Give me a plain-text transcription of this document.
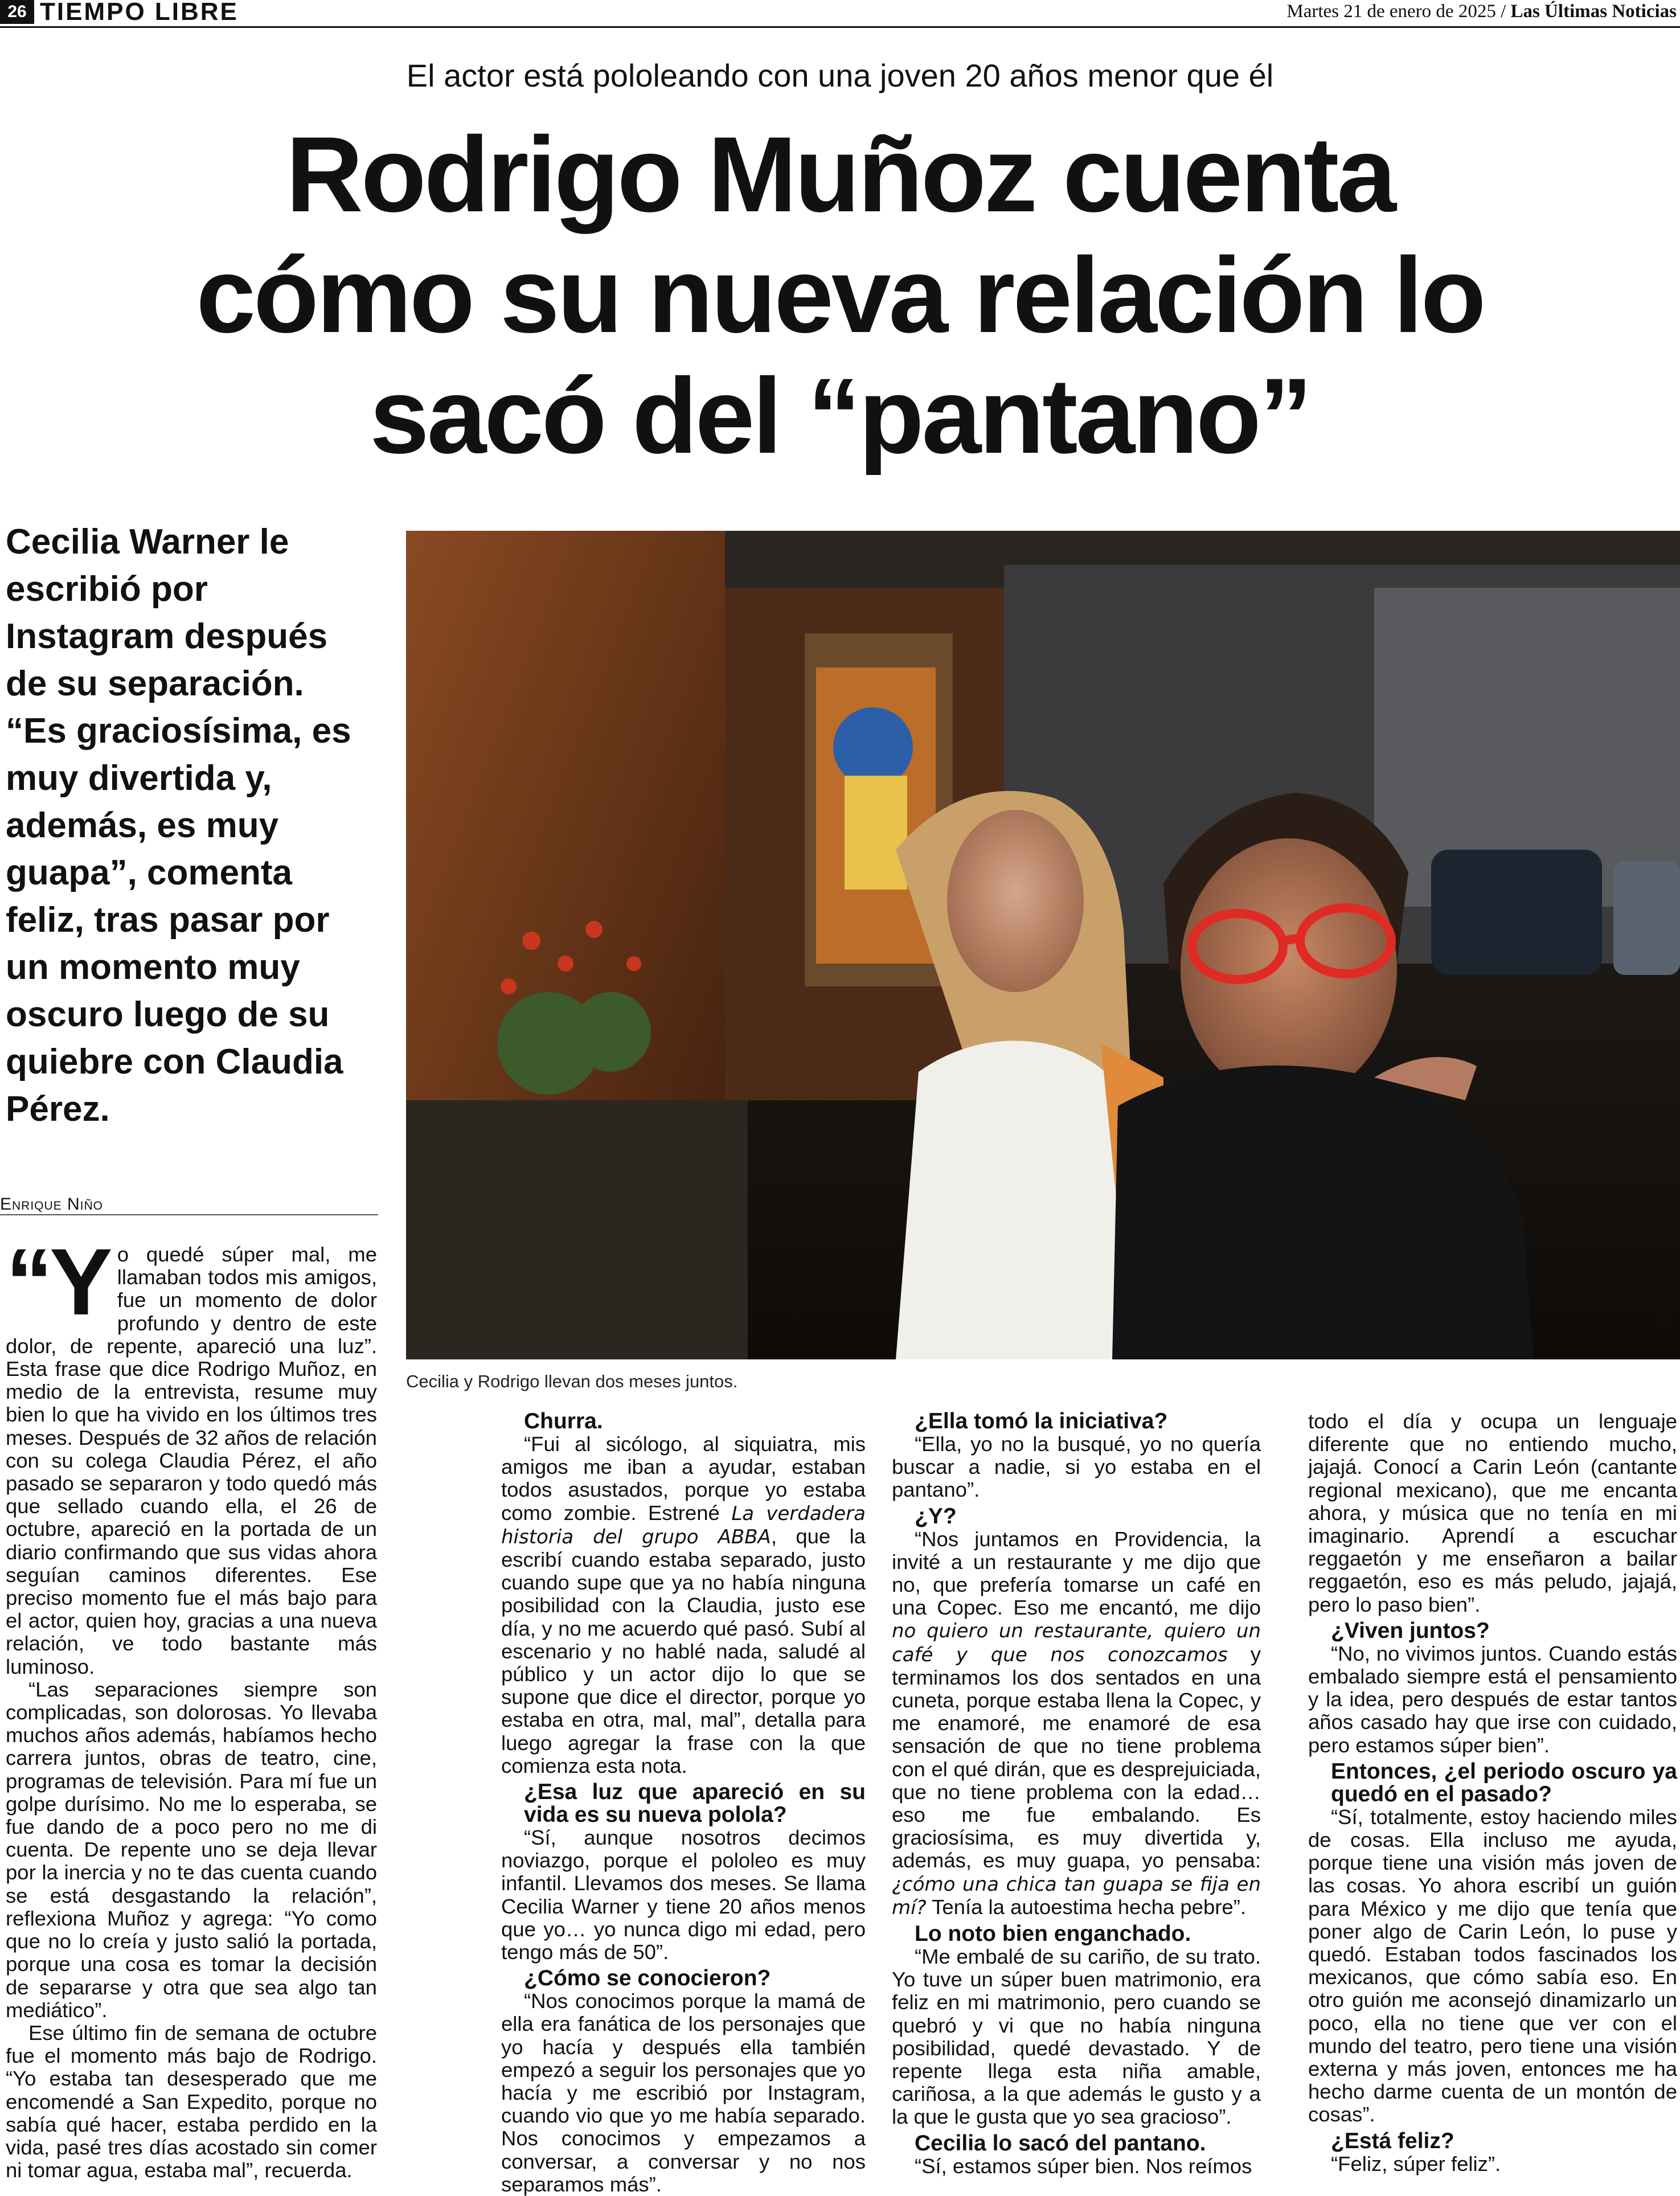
26 TIEMPO LIBRE	Martes 21 de enero de 2025 / Las Últimas Noticias
El actor está pololeando con una joven 20 años menor que él
Rodrigo Muñoz cuenta
cómo su nueva relación lo
sacó del “pantano”
Cecilia Warner le escribió por Instagram después de su separación. “Es graciosísima, es muy divertida y, además, es muy guapa”, comenta feliz, tras pasar por un momento muy oscuro luego de su quiebre con Claudia Pérez.
Enrique Niño
LUN
Cecilia y Rodrigo llevan dos meses juntos.

“Yo quedé súper mal, me llamaban todos mis amigos, fue un momento de dolor profundo y dentro de este dolor, de repente, apareció una luz”. Esta frase que dice Rodrigo Muñoz, en medio de la entrevista, resume muy bien lo que ha vivido en los últimos tres meses. Después de 32 años de relación con su colega Claudia Pérez, el año pasado se separaron y todo quedó más que sellado cuando ella, el 26 de octubre, apareció en la portada de un diario confirmando que sus vidas ahora seguían caminos diferentes. Ese preciso momento fue el más bajo para el actor, quien hoy, gracias a una nueva relación, ve todo bastante más luminoso.

“Las separaciones siempre son complicadas, son dolorosas. Yo llevaba muchos años además, habíamos hecho carrera juntos, obras de teatro, cine, programas de televisión. Para mí fue un golpe durísimo. No me lo esperaba, se fue dando de a poco pero no me di cuenta. De repente uno se deja llevar por la inercia y no te das cuenta cuando se está desgastando la relación”, reflexiona Muñoz y agrega: “Yo como que no lo creía y justo salió la portada, porque una cosa es tomar la decisión de separarse y otra que sea algo tan mediático”.

Ese último fin de semana de octubre fue el momento más bajo de Rodrigo. “Yo estaba tan desesperado que me encomendé a San Expedito, porque no sabía qué hacer, estaba perdido en la vida, pasé tres días acostado sin comer ni tomar agua, estaba mal”, recuerda.

Churra.

“Fui al sicólogo, al siquiatra, mis amigos me iban a ayudar, estaban todos asustados, porque yo estaba como zombie. Estrené La verdadera historia del grupo ABBA, que la escribí cuando estaba separado, justo cuando supe que ya no había ninguna posibilidad con la Claudia, justo ese día, y no me acuerdo qué pasó. Subí al escenario y no hablé nada, saludé al público y un actor dijo lo que se supone que dice el director, porque yo estaba en otra, mal, mal”, detalla para luego agregar la frase con la que comienza esta nota.

¿Esa luz que apareció en su vida es su nueva polola?

“Sí, aunque nosotros decimos noviazgo, porque el pololeo es muy infantil. Llevamos dos meses. Se llama Cecilia Warner y tiene 20 años menos que yo… yo nunca digo mi edad, pero tengo más de 50”.

¿Cómo se conocieron?

“Nos conocimos porque la mamá de ella era fanática de los personajes que yo hacía y después ella también empezó a seguir los personajes que yo hacía y me escribió por Instagram, cuando vio que yo me había separado. Nos conocimos y empezamos a conversar, a conversar y no nos separamos más”.

¿Ella tomó la iniciativa?

“Ella, yo no la busqué, yo no quería buscar a nadie, si yo estaba en el pantano”.

¿Y?

“Nos juntamos en Providencia, la invité a un restaurante y me dijo que no, que prefería tomarse un café en una Copec. Eso me encantó, me dijo no quiero un restaurante, quiero un café y que nos conozcamos y terminamos los dos sentados en una cuneta, porque estaba llena la Copec, y me enamoré, me enamoré de esa sensación de que no tiene problema con el qué dirán, que es desprejuiciada, que no tiene problema con la edad… eso me fue embalando. Es graciosísima, es muy divertida y, además, es muy guapa, yo pensaba: ¿cómo una chica tan guapa se fija en mí? Tenía la autoestima hecha pebre”.

Lo noto bien enganchado.

“Me embalé de su cariño, de su trato. Yo tuve un súper buen matrimonio, era feliz en mi matrimonio, pero cuando se quebró y vi que no había ninguna posibilidad, quedé devastado. Y de repente llega esta niña amable, cariñosa, a la que además le gusto y a la que le gusta que yo sea gracioso”.

Cecilia lo sacó del pantano.

“Sí, estamos súper bien. Nos reímos

todo el día y ocupa un lenguaje diferente que no entiendo mucho, jajajá. Conocí a Carin León (cantante regional mexicano), que me encanta ahora, y música que no tenía en mi imaginario. Aprendí a escuchar reggaetón y me enseñaron a bailar reggaetón, eso es más peludo, jajajá, pero lo paso bien”.

¿Viven juntos?

“No, no vivimos juntos. Cuando estás embalado siempre está el pensamiento y la idea, pero después de estar tantos años casado hay que irse con cuidado, pero estamos súper bien”.

Entonces, ¿el periodo oscuro ya quedó en el pasado?

“Sí, totalmente, estoy haciendo miles de cosas. Ella incluso me ayuda, porque tiene una visión más joven de las cosas. Yo ahora escribí un guión para México y me dijo que tenía que poner algo de Carin León, lo puse y quedó. Estaban todos fascinados los mexicanos, que cómo sabía eso. En otro guión me aconsejó dinamizarlo un poco, ella no tiene que ver con el mundo del teatro, pero tiene una visión externa y más joven, entonces me ha hecho darme cuenta de un montón de cosas”.

¿Está feliz?

“Feliz, súper feliz”.
